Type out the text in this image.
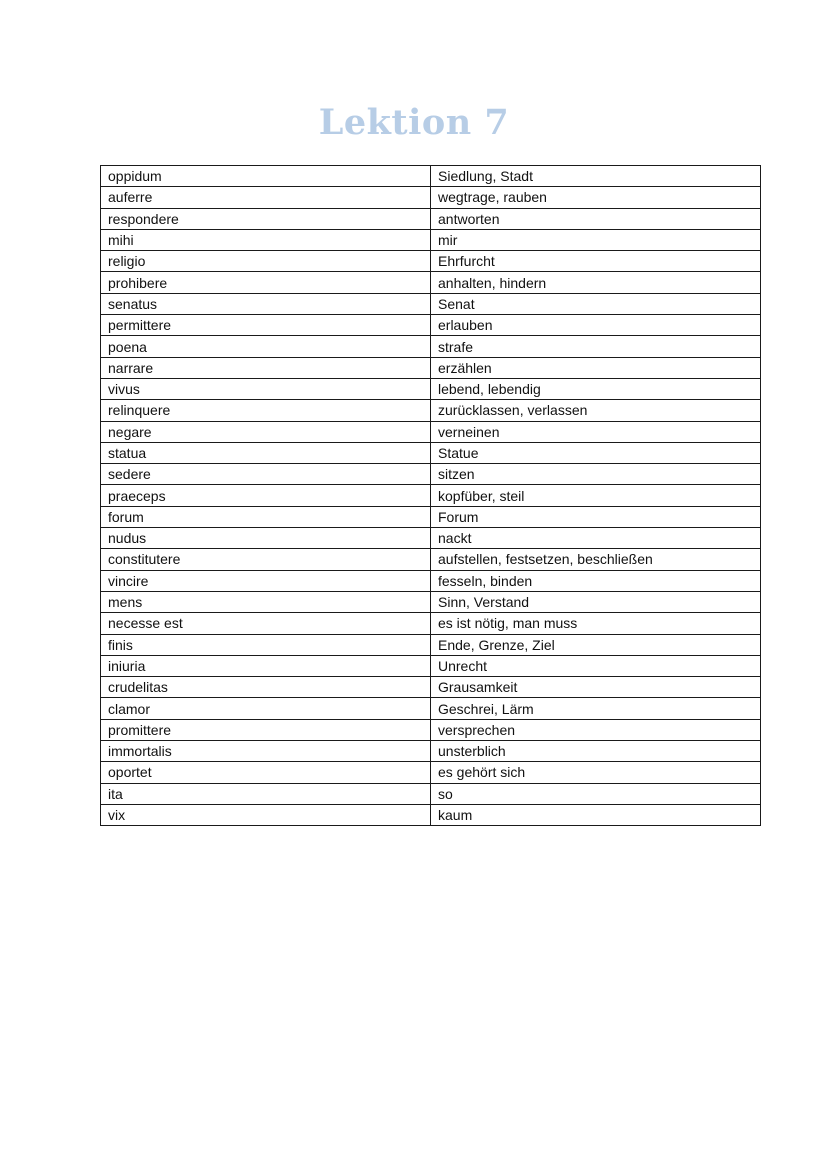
Lektion 7
oppidum	Siedlung, Stadt
auferre	wegtrage, rauben
respondere	antworten
mihi	mir
religio	Ehrfurcht
prohibere	anhalten, hindern
senatus	Senat
permittere	erlauben
poena	strafe
narrare	erzählen
vivus	lebend, lebendig
relinquere	zurücklassen, verlassen
negare	verneinen
statua	Statue
sedere	sitzen
praeceps	kopfüber, steil
forum	Forum
nudus	nackt
constitutere	aufstellen, festsetzen, beschließen
vincire	fesseln, binden
mens	Sinn, Verstand
necesse est	es ist nötig, man muss
finis	Ende, Grenze, Ziel
iniuria	Unrecht
crudelitas	Grausamkeit
clamor	Geschrei, Lärm
promittere	versprechen
immortalis	unsterblich
oportet	es gehört sich
ita	so
vix	kaum
